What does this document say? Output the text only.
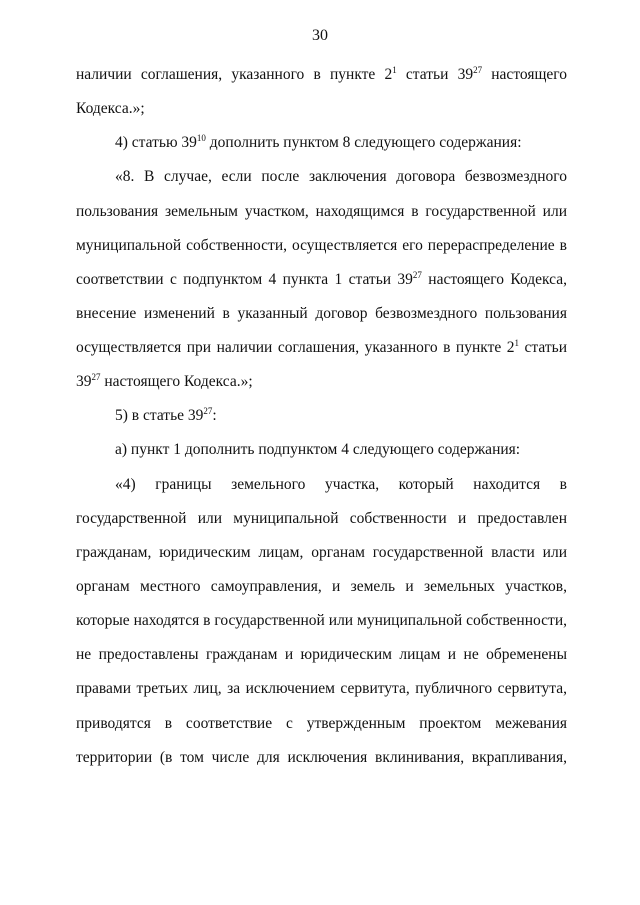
30
наличии соглашения, указанного в пункте $2^1$ статьи $39^{27}$ настоящего
Кодекса.»;
4) статью $39^{10}$ дополнить пунктом 8 следующего содержания:
«8. В случае, если после заключения договора безвозмездного
пользования земельным участком, находящимся в государственной или
муниципальной собственности, осуществляется его перераспределение в
соответствии с подпунктом 4 пункта 1 статьи $39^{27}$ настоящего Кодекса,
внесение изменений в указанный договор безвозмездного пользования
осуществляется при наличии соглашения, указанного в пункте $2^1$ статьи
$39^{27}$ настоящего Кодекса.»;
5) в статье $39^{27}$:
а) пункт 1 дополнить подпунктом 4 следующего содержания:
«4) границы земельного участка, который находится в
государственной или муниципальной собственности и предоставлен
гражданам, юридическим лицам, органам государственной власти или
органам местного самоуправления, и земель и земельных участков,
которые находятся в государственной или муниципальной собственности,
не предоставлены гражданам и юридическим лицам и не обременены
правами третьих лиц, за исключением сервитута, публичного сервитута,
приводятся в соответствие с утвержденным проектом межевания
территории (в том числе для исключения вклинивания, вкрапливания,
